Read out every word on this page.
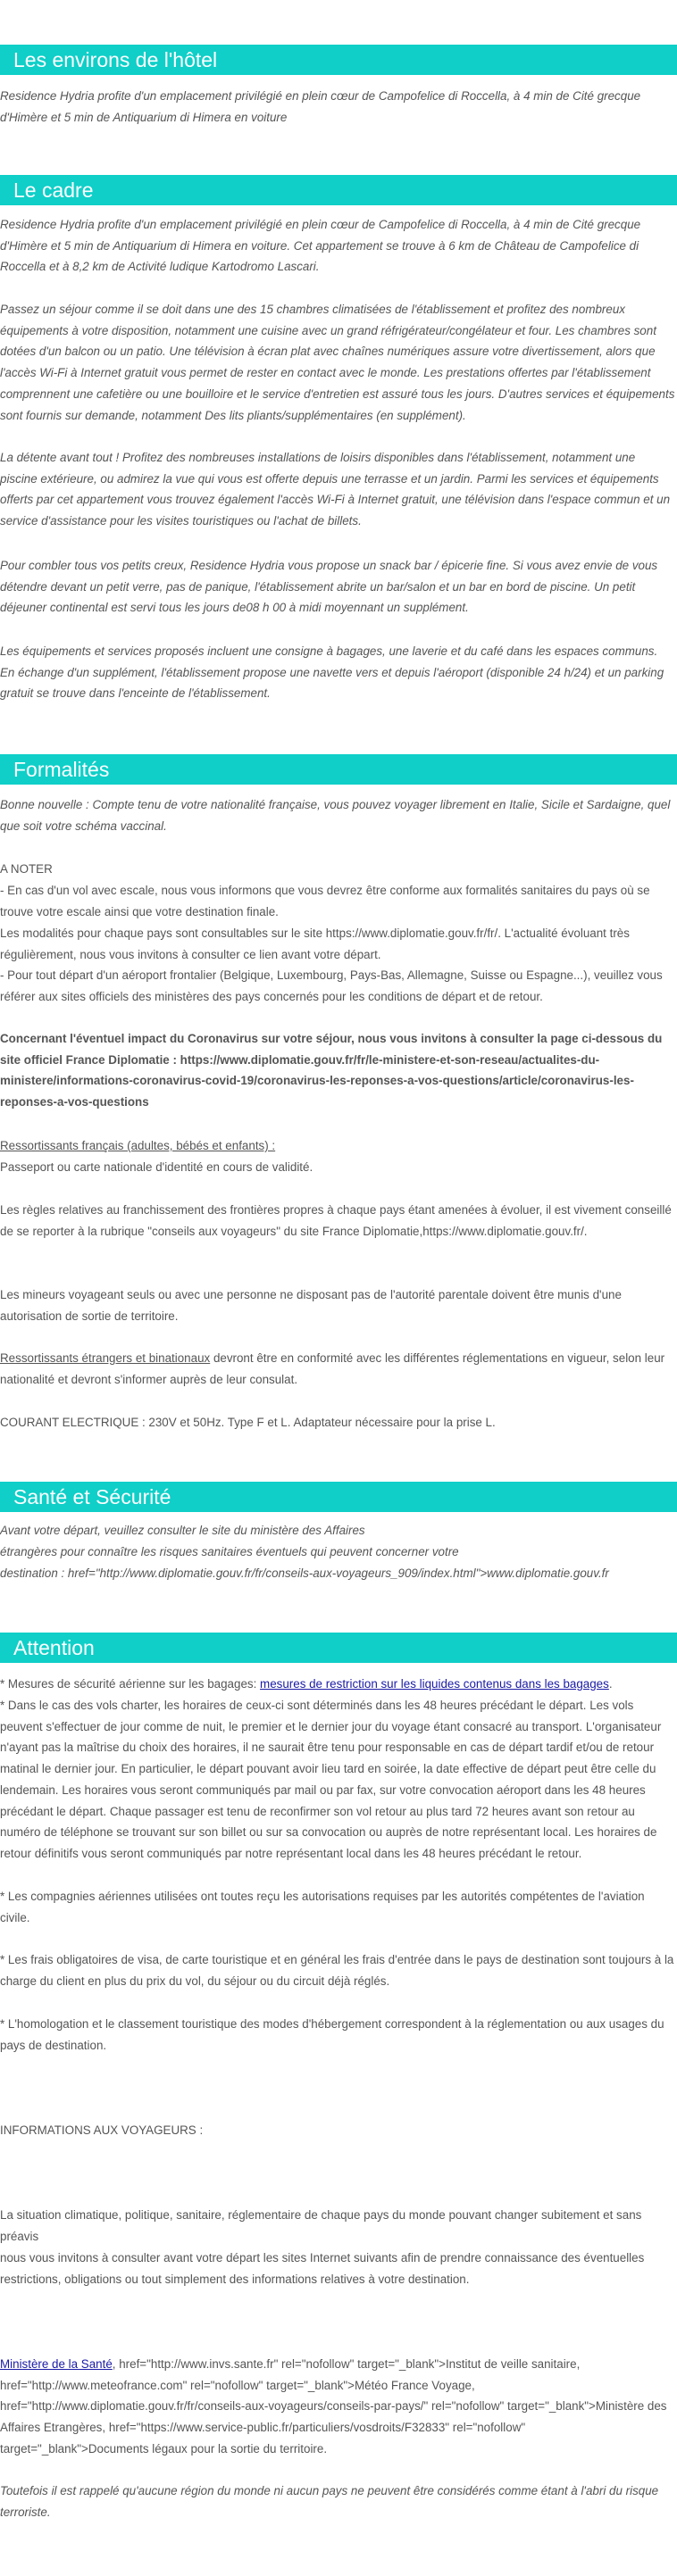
Les environs de l'hôtel

Residence Hydria profite d'un emplacement privilégié en plein cœur de Campofelice di Roccella, à 4 min de Cité grecque d'Himère et 5 min de Antiquarium di Himera en voiture

Le cadre

Residence Hydria profite d'un emplacement privilégié en plein cœur de Campofelice di Roccella, à 4 min de Cité grecque d'Himère et 5 min de Antiquarium di Himera en voiture. Cet appartement se trouve à 6 km de Château de Campofelice di Roccella et à 8,2 km de Activité ludique Kartodromo Lascari.

Passez un séjour comme il se doit dans une des 15 chambres climatisées de l'établissement et profitez des nombreux équipements à votre disposition, notamment une cuisine avec un grand réfrigérateur/congélateur et four. Les chambres sont dotées d'un balcon ou un patio. Une télévision à écran plat avec chaînes numériques assure votre divertissement, alors que l'accès Wi-Fi à Internet gratuit vous permet de rester en contact avec le monde. Les prestations offertes par l'établissement comprennent une cafetière ou une bouilloire et le service d'entretien est assuré tous les jours. D'autres services et équipements sont fournis sur demande, notamment Des lits pliants/supplémentaires (en supplément).

La détente avant tout ! Profitez des nombreuses installations de loisirs disponibles dans l'établissement, notamment une piscine extérieure, ou admirez la vue qui vous est offerte depuis une terrasse et un jardin. Parmi les services et équipements offerts par cet appartement vous trouvez également l'accès Wi-Fi à Internet gratuit, une télévision dans l'espace commun et un service d'assistance pour les visites touristiques ou l'achat de billets.

Pour combler tous vos petits creux, Residence Hydria vous propose un snack bar / épicerie fine. Si vous avez envie de vous détendre devant un petit verre, pas de panique, l'établissement abrite un bar/salon et un bar en bord de piscine. Un petit déjeuner continental est servi tous les jours de08 h 00 à midi moyennant un supplément.

Les équipements et services proposés incluent une consigne à bagages, une laverie et du café dans les espaces communs. En échange d'un supplément, l'établissement propose une navette vers et depuis l'aéroport (disponible 24 h/24) et un parking gratuit se trouve dans l'enceinte de l'établissement.

Formalités

Bonne nouvelle : Compte tenu de votre nationalité française, vous pouvez voyager librement en Italie, Sicile et Sardaigne, quel que soit votre schéma vaccinal.

A NOTER

- En cas d'un vol avec escale, nous vous informons que vous devrez être conforme aux formalités sanitaires du pays où se trouve votre escale ainsi que votre destination finale.

Les modalités pour chaque pays sont consultables sur le site https://www.diplomatie.gouv.fr/fr/. L'actualité évoluant très régulièrement, nous vous invitons à consulter ce lien avant votre départ.

- Pour tout départ d'un aéroport frontalier (Belgique, Luxembourg, Pays-Bas, Allemagne, Suisse ou Espagne...), veuillez vous référer aux sites officiels des ministères des pays concernés pour les conditions de départ et de retour.

Concernant l'éventuel impact du Coronavirus sur votre séjour, nous vous invitons à consulter la page ci-dessous du site officiel France Diplomatie : https://www.diplomatie.gouv.fr/fr/le-ministere-et-son-reseau/actualites-du-ministere/informations-coronavirus-covid-19/coronavirus-les-reponses-a-vos-questions/article/coronavirus-les-reponses-a-vos-questions

Ressortissants français (adultes, bébés et enfants) :

Passeport ou carte nationale d'identité en cours de validité.

Les règles relatives au franchissement des frontières propres à chaque pays étant amenées à évoluer, il est vivement conseillé de se reporter à la rubrique "conseils aux voyageurs" du site France Diplomatie,https://www.diplomatie.gouv.fr/.

Les mineurs voyageant seuls ou avec une personne ne disposant pas de l'autorité parentale doivent être munis d'une autorisation de sortie de territoire.

Ressortissants étrangers et binationaux devront être en conformité avec les différentes réglementations en vigueur, selon leur nationalité et devront s'informer auprès de leur consulat.

COURANT ELECTRIQUE : 230V et 50Hz. Type F et L. Adaptateur nécessaire pour la prise L.

Santé et Sécurité

Avant votre départ, veuillez consulter le site du ministère des Affaires

étrangères pour connaître les risques sanitaires éventuels qui peuvent concerner votre

destination : href="http://www.diplomatie.gouv.fr/fr/conseils-aux-voyageurs_909/index.html">www.diplomatie.gouv.fr

Attention

* Mesures de sécurité aérienne sur les bagages: mesures de restriction sur les liquides contenus dans les bagages.

* Dans le cas des vols charter, les horaires de ceux-ci sont déterminés dans les 48 heures précédant le départ. Les vols peuvent s'effectuer de jour comme de nuit, le premier et le dernier jour du voyage étant consacré au transport. L'organisateur n'ayant pas la maîtrise du choix des horaires, il ne saurait être tenu pour responsable en cas de départ tardif et/ou de retour matinal le dernier jour. En particulier, le départ pouvant avoir lieu tard en soirée, la date effective de départ peut être celle du lendemain. Les horaires vous seront communiqués par mail ou par fax, sur votre convocation aéroport dans les 48 heures précédant le départ. Chaque passager est tenu de reconfirmer son vol retour au plus tard 72 heures avant son retour au numéro de téléphone se trouvant sur son billet ou sur sa convocation ou auprès de notre représentant local. Les horaires de retour définitifs vous seront communiqués par notre représentant local dans les 48 heures précédant le retour.

* Les compagnies aériennes utilisées ont toutes reçu les autorisations requises par les autorités compétentes de l'aviation civile.

* Les frais obligatoires de visa, de carte touristique et en général les frais d'entrée dans le pays de destination sont toujours à la charge du client en plus du prix du vol, du séjour ou du circuit déjà réglés.

* L'homologation et le classement touristique des modes d'hébergement correspondent à la réglementation ou aux usages du pays de destination.

INFORMATIONS AUX VOYAGEURS :

La situation climatique, politique, sanitaire, réglementaire de chaque pays du monde pouvant changer subitement et sans préavis

nous vous invitons à consulter avant votre départ les sites Internet suivants afin de prendre connaissance des éventuelles restrictions, obligations ou tout simplement des informations relatives à votre destination.

Ministère de la Santé, href="http://www.invs.sante.fr" rel="nofollow" target="_blank">Institut de veille sanitaire, href="http://www.meteofrance.com" rel="nofollow" target="_blank">Météo France Voyage, href="http://www.diplomatie.gouv.fr/fr/conseils-aux-voyageurs/conseils-par-pays/" rel="nofollow" target="_blank">Ministère des Affaires Etrangères, href="https://www.service-public.fr/particuliers/vosdroits/F32833" rel="nofollow" target="_blank">Documents légaux pour la sortie du territoire.

Toutefois il est rappelé qu'aucune région du monde ni aucun pays ne peuvent être considérés comme étant à l'abri du risque terroriste.
